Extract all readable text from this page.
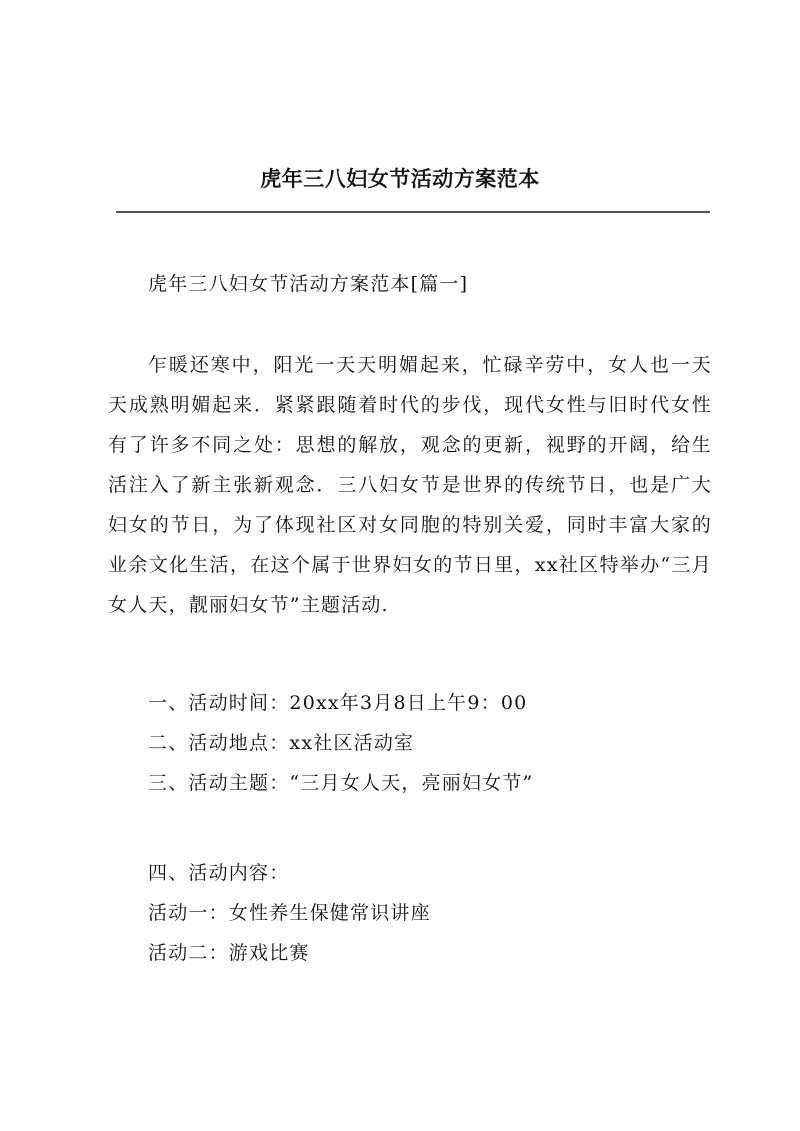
虎年三八妇女节活动方案范本
虎年三八妇女节活动方案范本[篇一]
乍暖还寒中，阳光一天天明媚起来，忙碌辛劳中，女人也一天天成熟明媚起来．紧紧跟随着时代的步伐，现代女性与旧时代女性有了许多不同之处：思想的解放，观念的更新，视野的开阔，给生活注入了新主张新观念．三八妇女节是世界的传统节日，也是广大妇女的节日，为了体现社区对女同胞的特别关爱，同时丰富大家的业余文化生活，在这个属于世界妇女的节日里，xx社区特举办“三月女人天，靓丽妇女节”主题活动.
一、活动时间：20xx年3月8日上午9：00
二、活动地点：xx社区活动室
三、活动主题：“三月女人天，亮丽妇女节”
四、活动内容：
活动一：女性养生保健常识讲座
活动二：游戏比赛
